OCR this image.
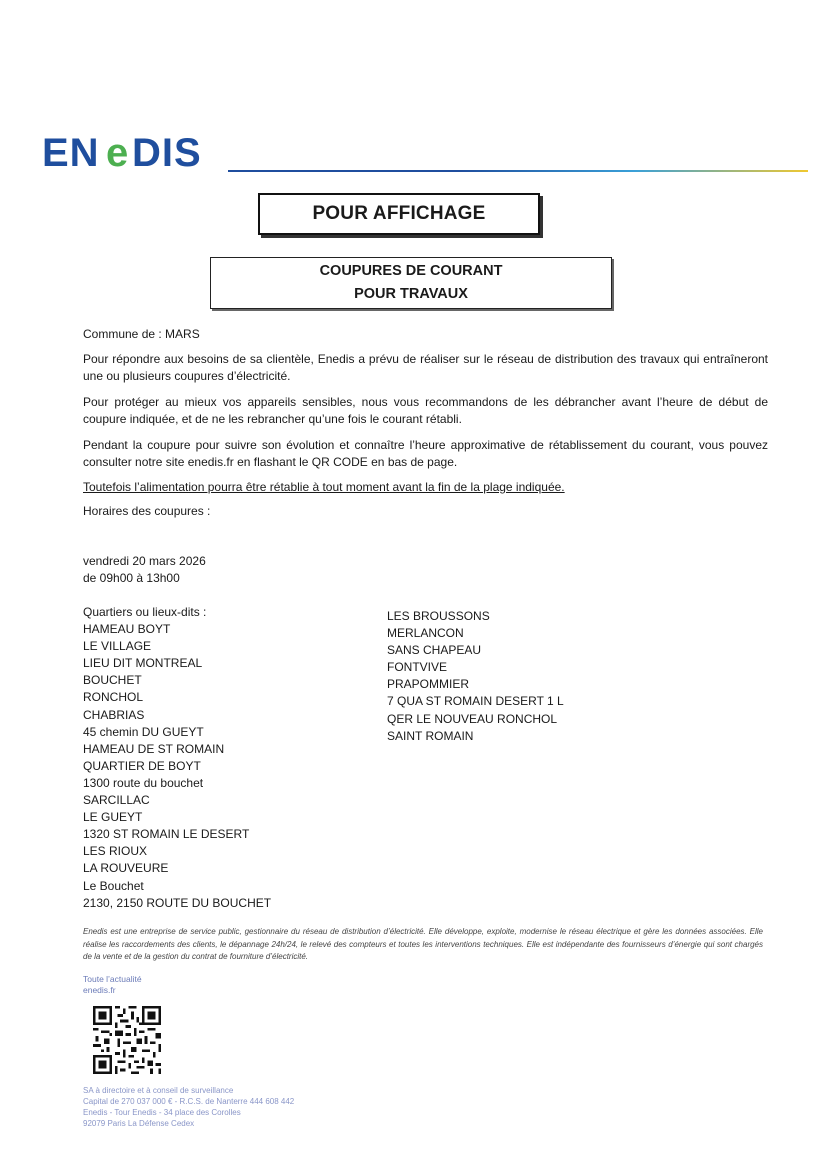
EN e DIS
POUR AFFICHAGE
COUPURES DE COURANT
POUR TRAVAUX
Commune de : MARS
Pour répondre aux besoins de sa clientèle, Enedis a prévu de réaliser sur le réseau de distribution des travaux qui entraîneront une ou plusieurs coupures d’électricité.
Pour protéger au mieux vos appareils sensibles, nous vous recommandons de les débrancher avant l’heure de début de coupure indiquée, et de ne les rebrancher qu’une fois le courant rétabli.
Pendant la coupure pour suivre son évolution et connaître l’heure approximative de rétablissement du courant, vous pouvez consulter notre site enedis.fr en flashant le QR CODE en bas de page.
Toutefois l’alimentation pourra être rétablie à tout moment avant la fin de la plage indiquée.
Horaires des coupures :
vendredi 20 mars 2026
de 09h00 à 13h00
Quartiers ou lieux-dits :
HAMEAU BOYT
LE VILLAGE
LIEU DIT MONTREAL
BOUCHET
RONCHOL
CHABRIAS
45 chemin DU GUEYT
HAMEAU DE ST ROMAIN
QUARTIER DE BOYT
1300 route du bouchet
SARCILLAC
LE GUEYT
1320 ST ROMAIN LE DESERT
LES RIOUX
LA ROUVEURE
Le Bouchet
2130, 2150 ROUTE DU BOUCHET
LES BROUSSONS
MERLANCON
SANS CHAPEAU
FONTVIVE
PRAPOMMIER
7 QUA ST ROMAIN DESERT 1 L
QER LE NOUVEAU RONCHOL
SAINT ROMAIN
Enedis est une entreprise de service public, gestionnaire du réseau de distribution d’électricité. Elle développe, exploite, modernise le réseau électrique et gère les données associées. Elle réalise les raccordements des clients, le dépannage 24h/24, le relevé des compteurs et toutes les interventions techniques. Elle est indépendante des fournisseurs d’énergie qui sont chargés de la vente et de la gestion du contrat de fourniture d’électricité.
Toute l’actualité
enedis.fr
SA à directoire et à conseil de surveillance
Capital de 270 037 000 € - R.C.S. de Nanterre 444 608 442
Enedis - Tour Enedis - 34 place des Corolles
92079 Paris La Défense Cedex
